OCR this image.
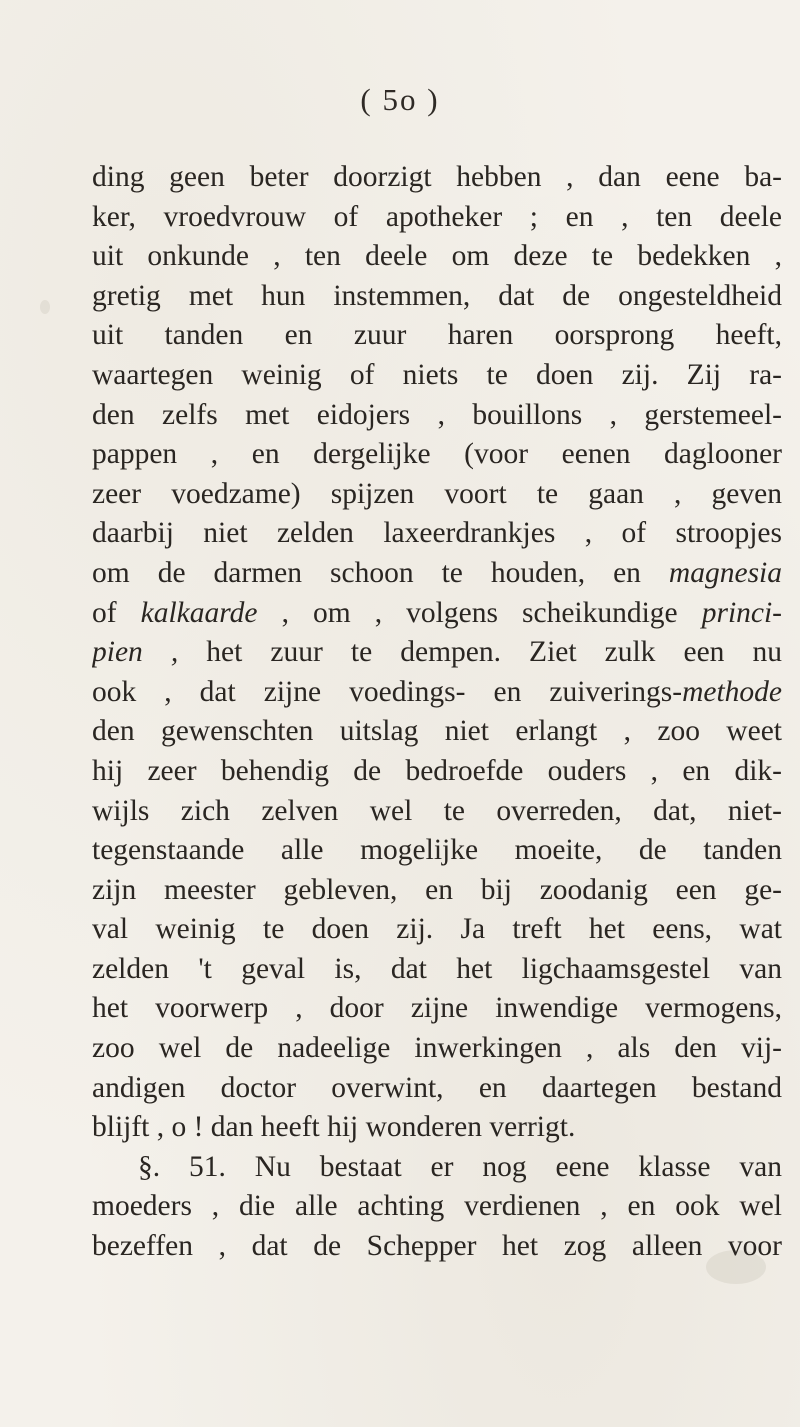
( 5o )
ding geen beter doorzigt hebben , dan eene ba-
ker, vroedvrouw of apotheker ; en , ten deele
uit onkunde , ten deele om deze te bedekken ,
gretig met hun instemmen, dat de ongesteldheid
uit tanden en zuur haren oorsprong heeft,
waartegen weinig of niets te doen zij. Zij ra-
den zelfs met eidojers , bouillons , gerstemeel-
pappen , en dergelijke (voor eenen daglooner
zeer voedzame) spijzen voort te gaan , geven
daarbij niet zelden laxeerdrankjes , of stroopjes
om de darmen schoon te houden, en magnesia
of kalkaarde , om , volgens scheikundige princi-
pien , het zuur te dempen. Ziet zulk een nu
ook , dat zijne voedings- en zuiverings-methode
den gewenschten uitslag niet erlangt , zoo weet
hij zeer behendig de bedroefde ouders , en dik-
wijls zich zelven wel te overreden, dat, niet-
tegenstaande alle mogelijke moeite, de tanden
zijn meester gebleven, en bij zoodanig een ge-
val weinig te doen zij. Ja treft het eens, wat
zelden 't geval is, dat het ligchaamsgestel van
het voorwerp , door zijne inwendige vermogens,
zoo wel de nadeelige inwerkingen , als den vij-
andigen doctor overwint, en daartegen bestand
blijft , o ! dan heeft hij wonderen verrigt.
§. 51. Nu bestaat er nog eene klasse van
moeders , die alle achting verdienen , en ook wel
bezeffen , dat de Schepper het zog alleen voor
